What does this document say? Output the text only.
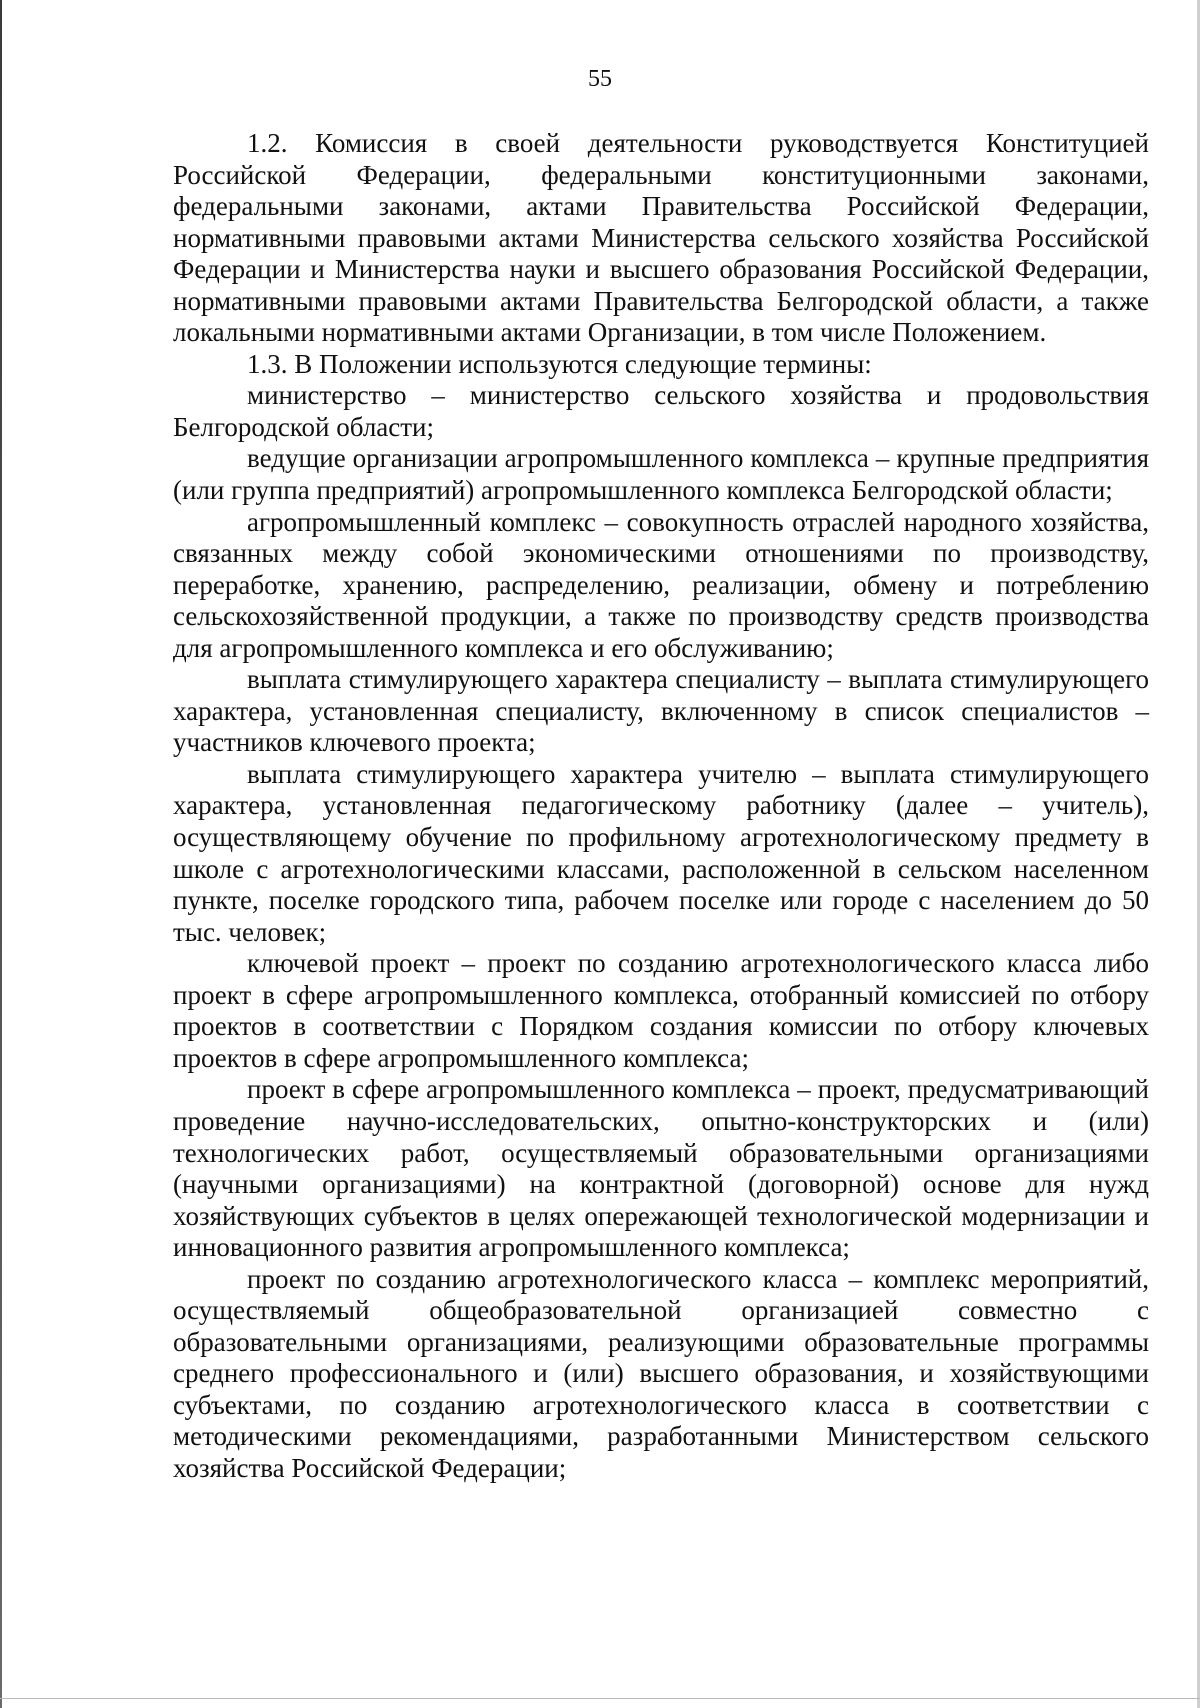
55

1.2. Комиссия в своей деятельности руководствуется Конституцией Российской Федерации, федеральными конституционными законами, федеральными законами, актами Правительства Российской Федерации, нормативными правовыми актами Министерства сельского хозяйства Российской Федерации и Министерства науки и высшего образования Российской Федерации, нормативными правовыми актами Правительства Белгородской области, а также локальными нормативными актами Организации, в том числе Положением.

1.3. В Положении используются следующие термины:

министерство – министерство сельского хозяйства и продовольствия Белгородской области;

ведущие организации агропромышленного комплекса – крупные предприятия (или группа предприятий) агропромышленного комплекса Белгородской области;

агропромышленный комплекс – совокупность отраслей народного хозяйства, связанных между собой экономическими отношениями по производству, переработке, хранению, распределению, реализации, обмену и потреблению сельскохозяйственной продукции, а также по производству средств производства для агропромышленного комплекса и его обслуживанию;

выплата стимулирующего характера специалисту – выплата стимулирующего характера, установленная специалисту, включенному в список специалистов – участников ключевого проекта;

выплата стимулирующего характера учителю – выплата стимулирующего характера, установленная педагогическому работнику (далее – учитель), осуществляющему обучение по профильному агротехнологическому предмету в школе с агротехнологическими классами, расположенной в сельском населенном пункте, поселке городского типа, рабочем поселке или городе с населением до 50 тыс. человек;

ключевой проект – проект по созданию агротехнологического класса либо проект в сфере агропромышленного комплекса, отобранный комиссией по отбору проектов в соответствии с Порядком создания комиссии по отбору ключевых проектов в сфере агропромышленного комплекса;

проект в сфере агропромышленного комплекса – проект, предусматривающий проведение научно-исследовательских, опытно-конструкторских и (или) технологических работ, осуществляемый образовательными организациями (научными организациями) на контрактной (договорной) основе для нужд хозяйствующих субъектов в целях опережающей технологической модернизации и инновационного развития агропромышленного комплекса;

проект по созданию агротехнологического класса – комплекс мероприятий, осуществляемый общеобразовательной организацией совместно с образовательными организациями, реализующими образовательные программы среднего профессионального и (или) высшего образования, и хозяйствующими субъектами, по созданию агротехнологического класса в соответствии с методическими рекомендациями, разработанными Министерством сельского хозяйства Российской Федерации;
